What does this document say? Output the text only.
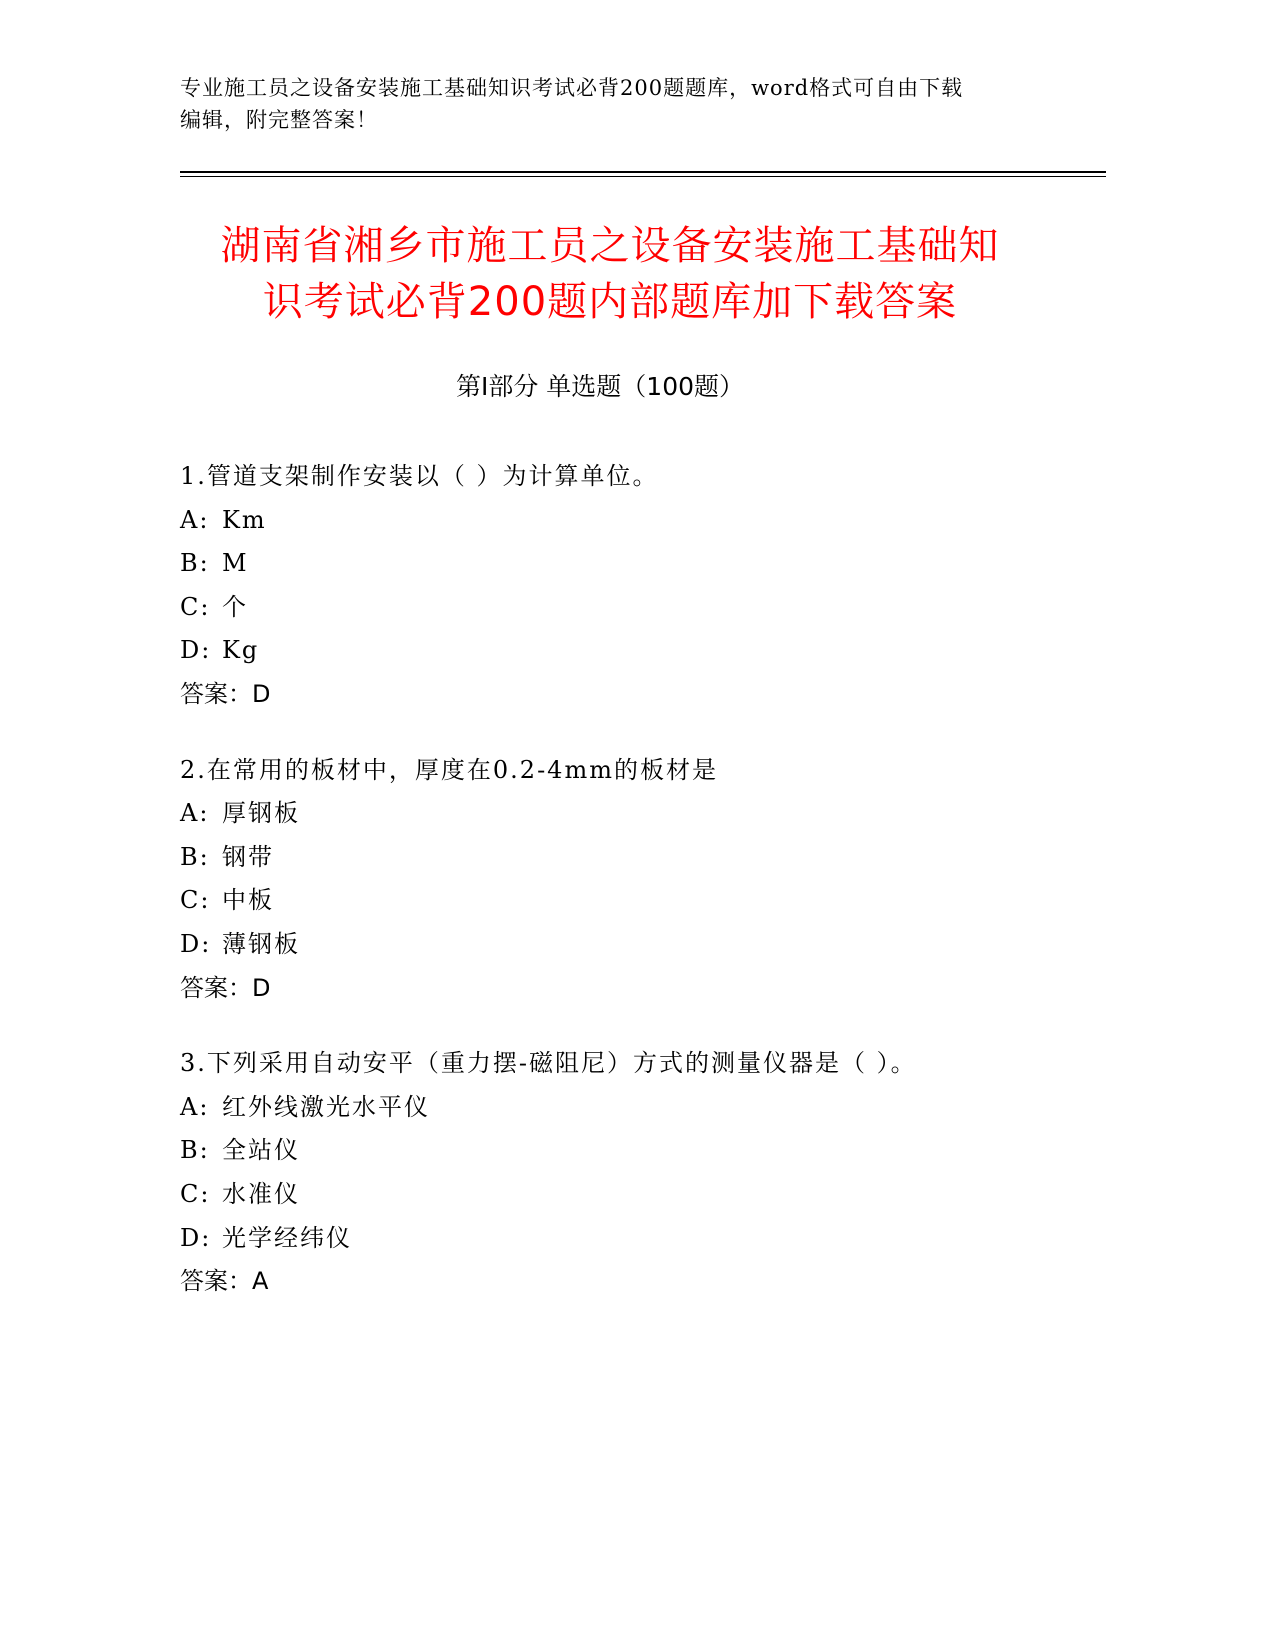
专业施工员之设备安装施工基础知识考试必背200题题库，word格式可自由下载
编辑，附完整答案！
湖南省湘乡市施工员之设备安装施工基础知
识考试必背200题内部题库加下载答案
第Ⅰ部分 单选题（100题）
1.管道支架制作安装以（ ）为计算单位。
A: Km
B: M
C: 个
D: Kg
答案：D
2.在常用的板材中，厚度在0.2-4mm的板材是
A: 厚钢板
B: 钢带
C: 中板
D: 薄钢板
答案：D
3.下列采用自动安平（重力摆-磁阻尼）方式的测量仪器是（ ）。
A: 红外线激光水平仪
B: 全站仪
C: 水准仪
D: 光学经纬仪
答案：A
